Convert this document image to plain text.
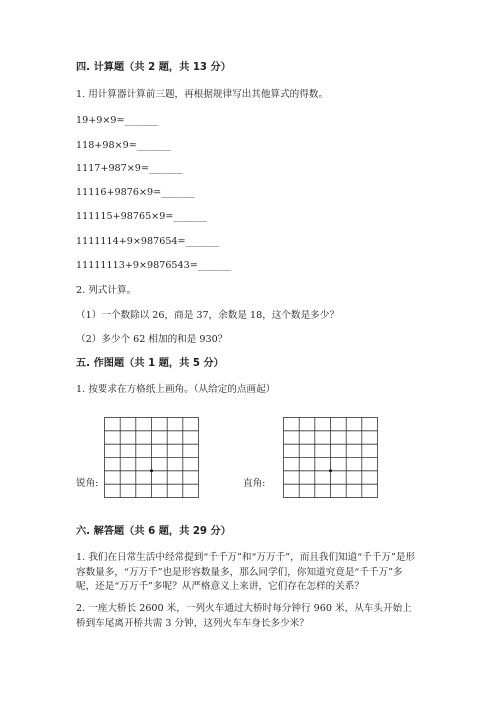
四. 计算题（共 2 题，共 13 分）
1. 用计算器计算前三题，再根据规律写出其他算式的得数。
19+9×9=_______
118+98×9=_______
1117+987×9=_______
11116+9876×9=_______
111115+98765×9=_______
1111114+9×987654=_______
11111113+9×9876543=_______
2. 列式计算。
（1）一个数除以 26，商是 37，余数是 18，这个数是多少？
（2）多少个 62 相加的和是 930？
五. 作图题（共 1 题，共 5 分）
1. 按要求在方格纸上画角。（从给定的点画起）
锐角:	直角:
六. 解答题（共 6 题，共 29 分）
1. 我们在日常生活中经常提到“千千万”和“万万千”，而且我们知道“千千万”是形容数量多，“万万千”也是形容数量多，那么同学们，你知道究竟是“千千万”多呢，还是“万万千”多呢？从严格意义上来讲，它们存在怎样的关系？
2. 一座大桥长 2600 米，一列火车通过大桥时每分钟行 960 米，从车头开始上桥到车尾离开桥共需 3 分钟，这列火车车身长多少米？
